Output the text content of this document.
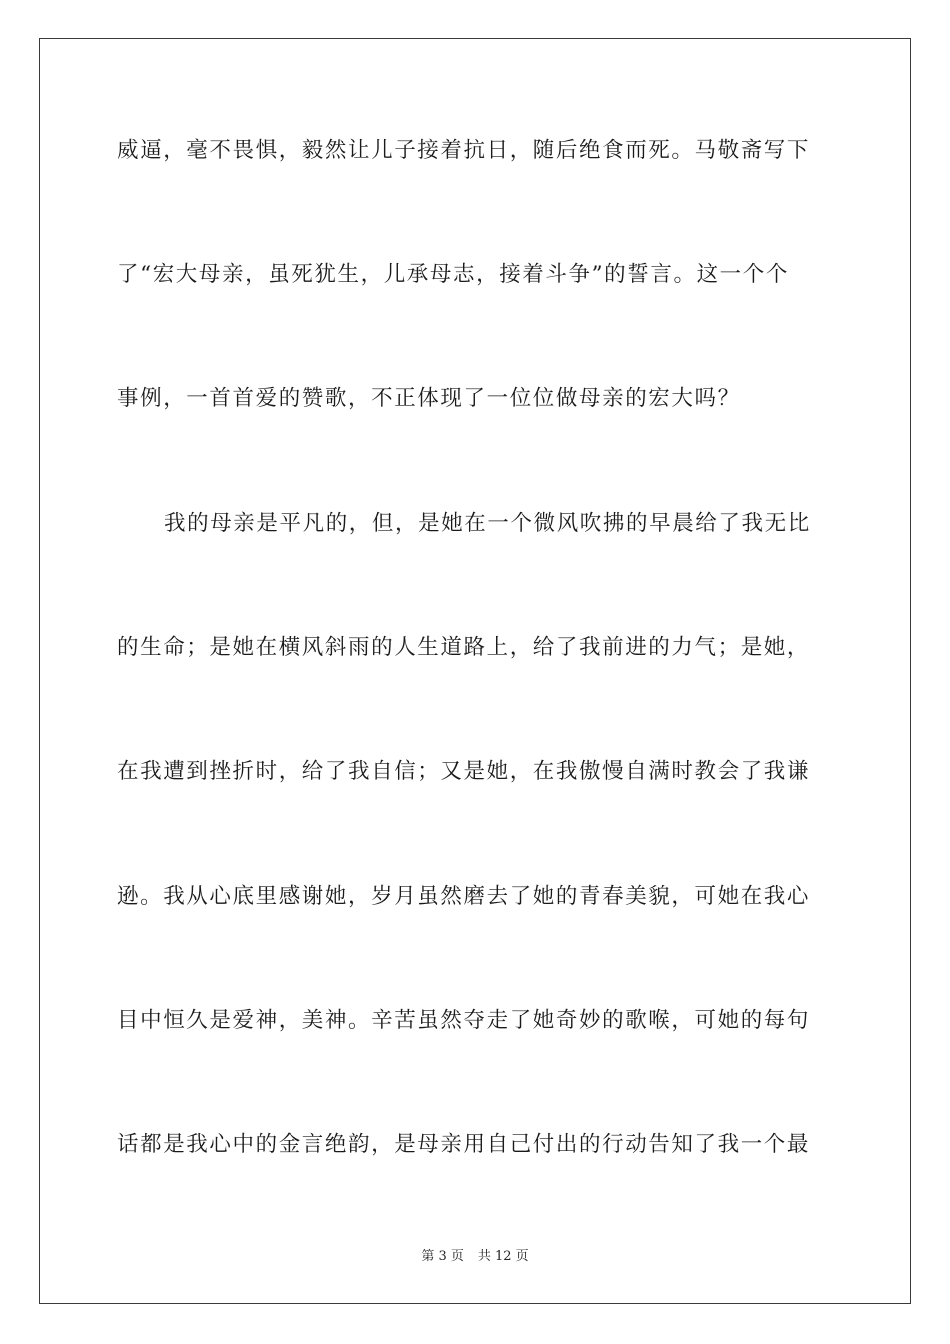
威逼，毫不畏惧，毅然让儿子接着抗日，随后绝食而死。马敬斋写下
了“宏大母亲，虽死犹生，儿承母志，接着斗争”的誓言。这一个个
事例，一首首爱的赞歌，不正体现了一位位做母亲的宏大吗？
我的母亲是平凡的，但，是她在一个微风吹拂的早晨给了我无比
的生命；是她在横风斜雨的人生道路上，给了我前进的力气；是她，
在我遭到挫折时，给了我自信；又是她，在我傲慢自满时教会了我谦
逊。我从心底里感谢她，岁月虽然磨去了她的青春美貌，可她在我心
目中恒久是爱神，美神。辛苦虽然夺走了她奇妙的歌喉，可她的每句
话都是我心中的金言绝韵，是母亲用自己付出的行动告知了我一个最
第 3 页 共 12 页
